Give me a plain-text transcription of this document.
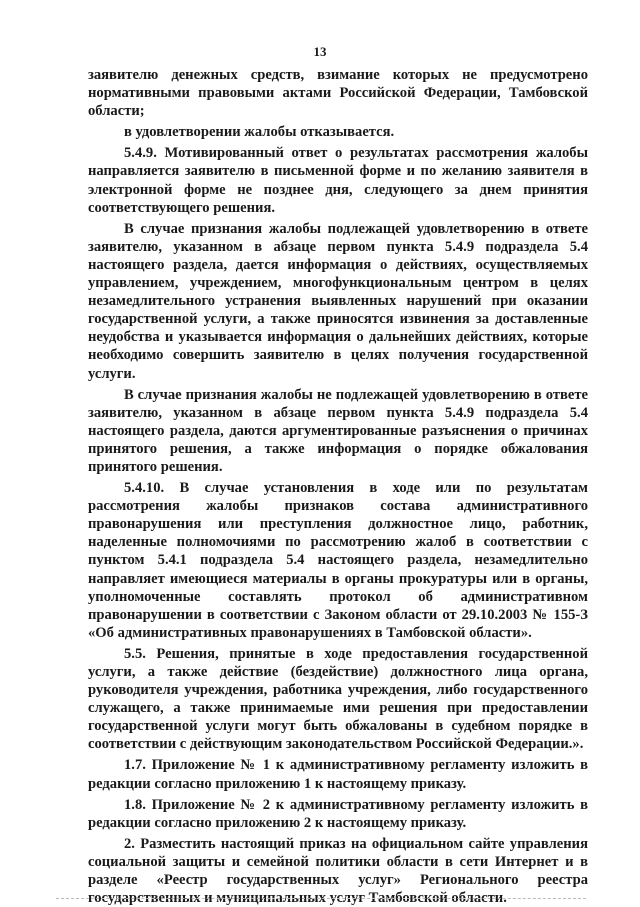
13

заявителю денежных средств, взимание которых не предусмотрено нормативными правовыми актами Российской Федерации, Тамбовской области;

в удовлетворении жалобы отказывается.

5.4.9. Мотивированный ответ о результатах рассмотрения жалобы направляется заявителю в письменной форме и по желанию заявителя в электронной форме не позднее дня, следующего за днем принятия соответствующего решения.

В случае признания жалобы подлежащей удовлетворению в ответе заявителю, указанном в абзаце первом пункта 5.4.9 подраздела 5.4 настоящего раздела, дается информация о действиях, осуществляемых управлением, учреждением, многофункциональным центром в целях незамедлительного устранения выявленных нарушений при оказании государственной услуги, а также приносятся извинения за доставленные неудобства и указывается информация о дальнейших действиях, которые необходимо совершить заявителю в целях получения государственной услуги.

В случае признания жалобы не подлежащей удовлетворению в ответе заявителю, указанном в абзаце первом пункта 5.4.9 подраздела 5.4 настоящего раздела, даются аргументированные разъяснения о причинах принятого решения, а также информация о порядке обжалования принятого решения.

5.4.10. В случае установления в ходе или по результатам рассмотрения жалобы признаков состава административного правонарушения или преступления должностное лицо, работник, наделенные полномочиями по рассмотрению жалоб в соответствии с пунктом 5.4.1 подраздела 5.4 настоящего раздела, незамедлительно направляет имеющиеся материалы в органы прокуратуры или в органы, уполномоченные составлять протокол об административном правонарушении в соответствии с Законом области от 29.10.2003 № 155-З «Об административных правонарушениях в Тамбовской области».

5.5. Решения, принятые в ходе предоставления государственной услуги, а также действие (бездействие) должностного лица органа, руководителя учреждения, работника учреждения, либо государственного служащего, а также принимаемые ими решения при предоставлении государственной услуги могут быть обжалованы в судебном порядке в соответствии с действующим законодательством Российской Федерации.».

1.7. Приложение № 1 к административному регламенту изложить в редакции согласно приложению 1 к настоящему приказу.

1.8. Приложение № 2 к административному регламенту изложить в редакции согласно приложению 2 к настоящему приказу.

2. Разместить настоящий приказ на официальном сайте управления социальной защиты и семейной политики области в сети Интернет и в разделе «Реестр государственных услуг» Регионального реестра государственных и муниципальных услуг Тамбовской области.
